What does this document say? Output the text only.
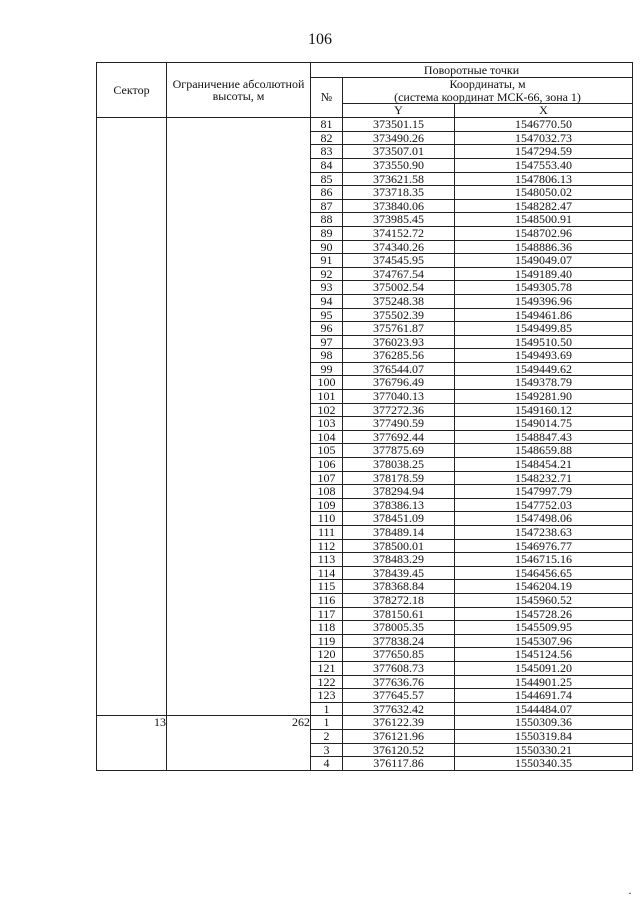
106
Сектор	Ограничение абсолютной высоты, м	Поворотные точки		
		№	Координаты, м
(система координат МСК-66, зона 1)	

			Y	X
		81	373501.15	1546770.50
		82	373490.26	1547032.73
		83	373507.01	1547294.59
		84	373550.90	1547553.40
		85	373621.58	1547806.13
		86	373718.35	1548050.02
		87	373840.06	1548282.47
		88	373985.45	1548500.91
		89	374152.72	1548702.96
		90	374340.26	1548886.36
		91	374545.95	1549049.07
		92	374767.54	1549189.40
		93	375002.54	1549305.78
		94	375248.38	1549396.96
		95	375502.39	1549461.86
		96	375761.87	1549499.85
		97	376023.93	1549510.50
		98	376285.56	1549493.69
		99	376544.07	1549449.62
		100	376796.49	1549378.79
		101	377040.13	1549281.90
		102	377272.36	1549160.12
		103	377490.59	1549014.75
		104	377692.44	1548847.43
		105	377875.69	1548659.88
		106	378038.25	1548454.21
		107	378178.59	1548232.71
		108	378294.94	1547997.79
		109	378386.13	1547752.03
		110	378451.09	1547498.06
		111	378489.14	1547238.63
		112	378500.01	1546976.77
		113	378483.29	1546715.16
		114	378439.45	1546456.65
		115	378368.84	1546204.19
		116	378272.18	1545960.52
		117	378150.61	1545728.26
		118	378005.35	1545509.95
		119	377838.24	1545307.96
		120	377650.85	1545124.56
		121	377608.73	1545091.20
		122	377636.76	1544901.25
		123	377645.57	1544691.74
		1	377632.42	1544484.07
13	262	1	376122.39	1550309.36
		2	376121.96	1550319.84
		3	376120.52	1550330.21
		4	376117.86	1550340.35
·
